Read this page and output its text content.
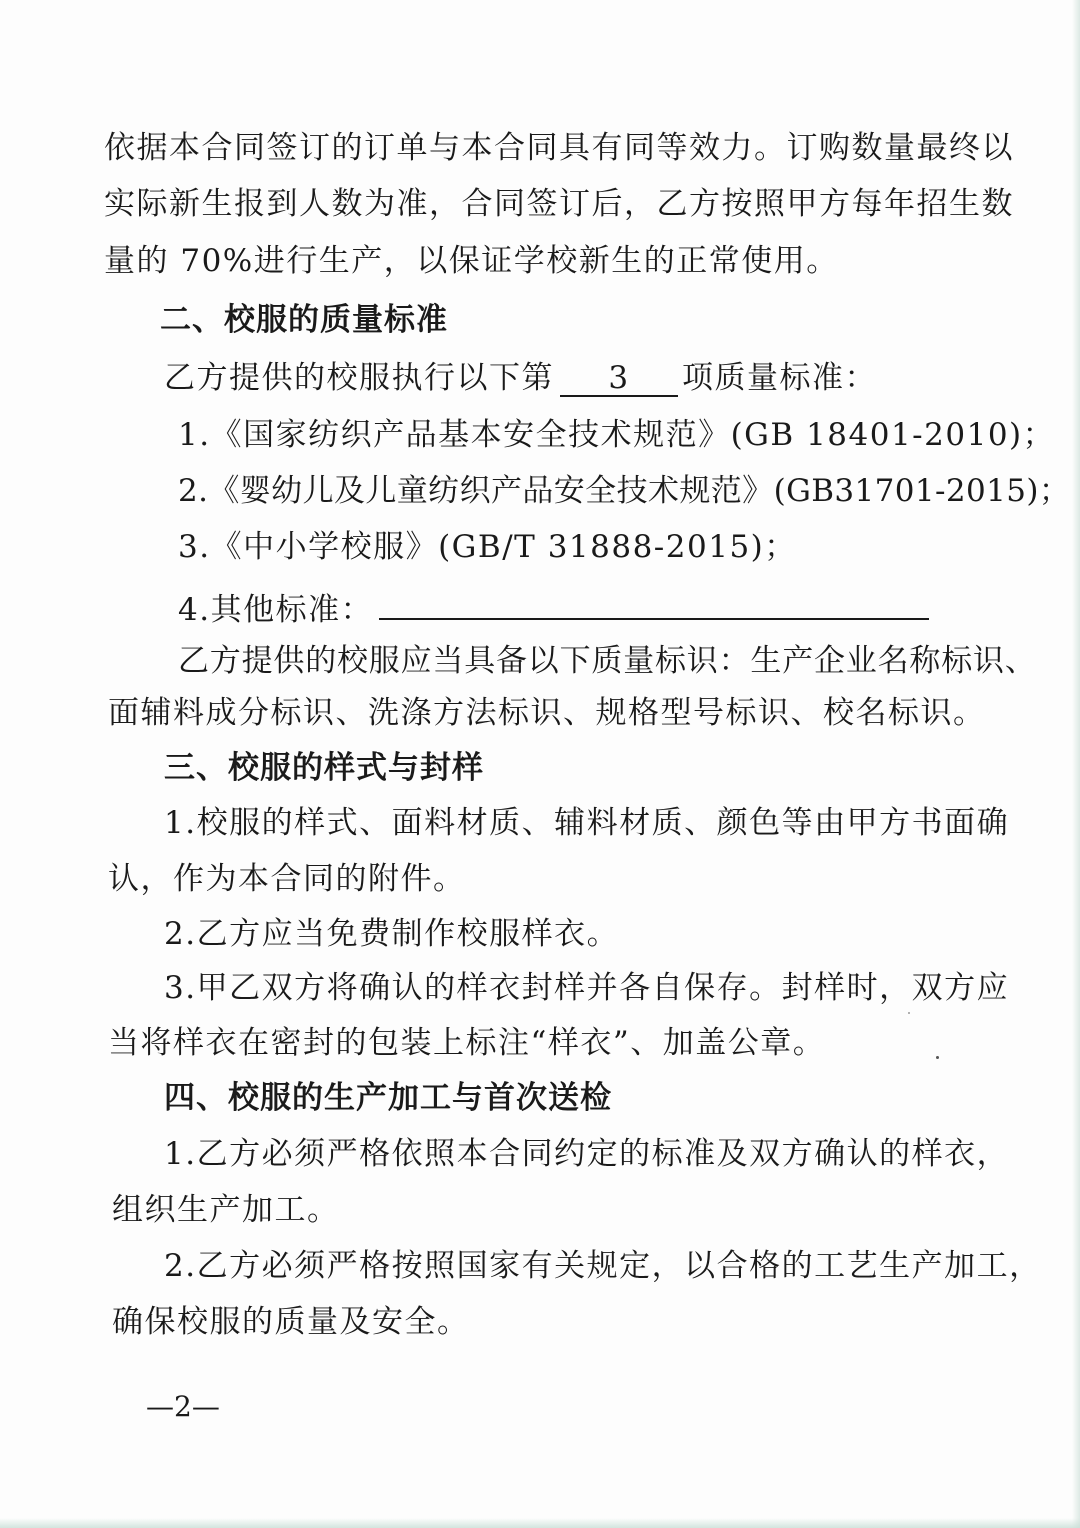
依据本合同签订的订单与本合同具有同等效力。订购数量最终以
实际新生报到人数为准，合同签订后，乙方按照甲方每年招生数
量的 70%进行生产，以保证学校新生的正常使用。
二、校服的质量标准
乙方提供的校服执行以下第 3 项质量标准：
1.《国家纺织产品基本安全技术规范》(GB 18401-2010)；
2.《婴幼儿及儿童纺织产品安全技术规范》(GB31701-2015)；
3.《中小学校服》(GB/T 31888-2015)；
4.其他标准：
乙方提供的校服应当具备以下质量标识：生产企业名称标识、
面辅料成分标识、洗涤方法标识、规格型号标识、校名标识。
三、校服的样式与封样
1.校服的样式、面料材质、辅料材质、颜色等由甲方书面确
认，作为本合同的附件。
2.乙方应当免费制作校服样衣。
3.甲乙双方将确认的样衣封样并各自保存。封样时，双方应
当将样衣在密封的包装上标注“样衣”、加盖公章。
四、校服的生产加工与首次送检
1.乙方必须严格依照本合同约定的标准及双方确认的样衣，
组织生产加工。
2.乙方必须严格按照国家有关规定，以合格的工艺生产加工，
确保校服的质量及安全。
—2—
